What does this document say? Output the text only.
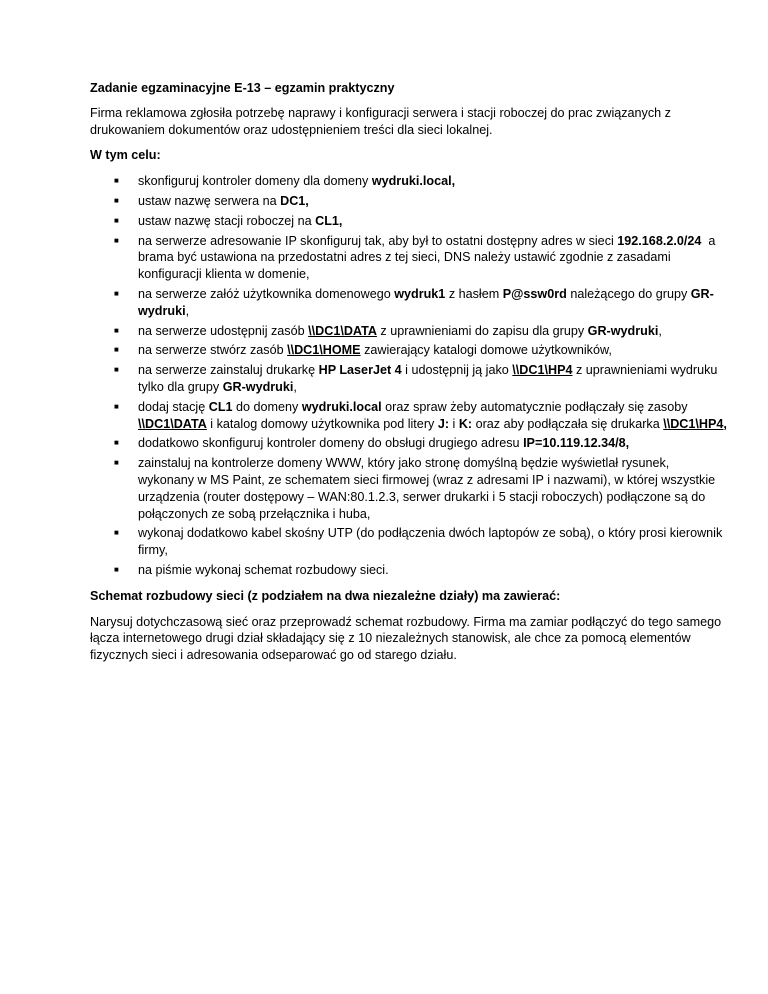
Zadanie egzaminacyjne E-13 – egzamin praktyczny

Firma reklamowa zgłosiła potrzebę naprawy i konfiguracji serwera i stacji roboczej do prac związanych z drukowaniem dokumentów oraz udostępnieniem treści dla sieci lokalnej.

W tym celu:

■ skonfiguruj kontroler domeny dla domeny wydruki.local,
■ ustaw nazwę serwera na DC1,
■ ustaw nazwę stacji roboczej na CL1,
■ na serwerze adresowanie IP skonfiguruj tak, aby był to ostatni dostępny adres w sieci 192.168.2.0/24  a brama być ustawiona na przedostatni adres z tej sieci, DNS należy ustawić zgodnie z zasadami konfiguracji klienta w domenie,
■ na serwerze załóż użytkownika domenowego wydruk1 z hasłem P@ssw0rd należącego do grupy GR-wydruki,
■ na serwerze udostępnij zasób \\DC1\DATA z uprawnieniami do zapisu dla grupy GR-wydruki,
■ na serwerze stwórz zasób \\DC1\HOME zawierający katalogi domowe użytkowników,
■ na serwerze zainstaluj drukarkę HP LaserJet 4 i udostępnij ją jako \\DC1\HP4 z uprawnieniami wydruku tylko dla grupy GR-wydruki,
■ dodaj stację CL1 do domeny wydruki.local oraz spraw żeby automatycznie podłączały się zasoby \\DC1\DATA i katalog domowy użytkownika pod litery J: i K: oraz aby podłączała się drukarka \\DC1\HP4,
■ dodatkowo skonfiguruj kontroler domeny do obsługi drugiego adresu IP=10.119.12.34/8,
■ zainstaluj na kontrolerze domeny WWW, który jako stronę domyślną będzie wyświetlał rysunek, wykonany w MS Paint, ze schematem sieci firmowej (wraz z adresami IP i nazwami), w której wszystkie urządzenia (router dostępowy – WAN:80.1.2.3, serwer drukarki i 5 stacji roboczych) podłączone są do połączonych ze sobą przełącznika i huba,
■ wykonaj dodatkowo kabel skośny UTP (do podłączenia dwóch laptopów ze sobą), o który prosi kierownik firmy,
■ na piśmie wykonaj schemat rozbudowy sieci.

Schemat rozbudowy sieci (z podziałem na dwa niezależne działy) ma zawierać:

Narysuj dotychczasową sieć oraz przeprowadź schemat rozbudowy. Firma ma zamiar podłączyć do tego samego łącza internetowego drugi dział składający się z 10 niezależnych stanowisk, ale chce za pomocą elementów fizycznych sieci i adresowania odseparować go od starego działu.
